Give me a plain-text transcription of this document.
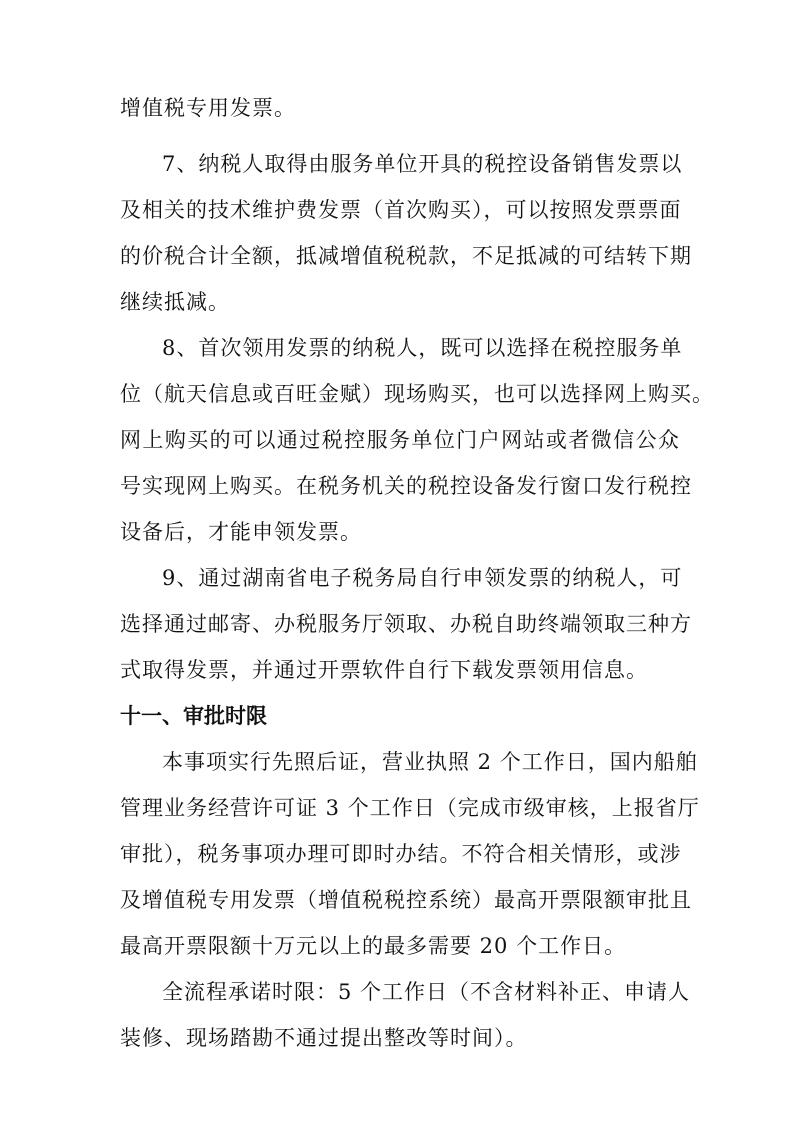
增值税专用发票。
7、纳税人取得由服务单位开具的税控设备销售发票以
及相关的技术维护费发票（首次购买），可以按照发票票面
的价税合计全额，抵减增值税税款，不足抵减的可结转下期
继续抵减。
8、首次领用发票的纳税人，既可以选择在税控服务单
位（航天信息或百旺金赋）现场购买，也可以选择网上购买。
网上购买的可以通过税控服务单位门户网站或者微信公众
号实现网上购买。在税务机关的税控设备发行窗口发行税控
设备后，才能申领发票。
9、通过湖南省电子税务局自行申领发票的纳税人，可
选择通过邮寄、办税服务厅领取、办税自助终端领取三种方
式取得发票，并通过开票软件自行下载发票领用信息。
十一、审批时限
本事项实行先照后证，营业执照 2 个工作日，国内船舶
管理业务经营许可证 3 个工作日（完成市级审核，上报省厅
审批），税务事项办理可即时办结。不符合相关情形，或涉
及增值税专用发票（增值税税控系统）最高开票限额审批且
最高开票限额十万元以上的最多需要 20 个工作日。
全流程承诺时限：5 个工作日（不含材料补正、申请人
装修、现场踏勘不通过提出整改等时间）。
